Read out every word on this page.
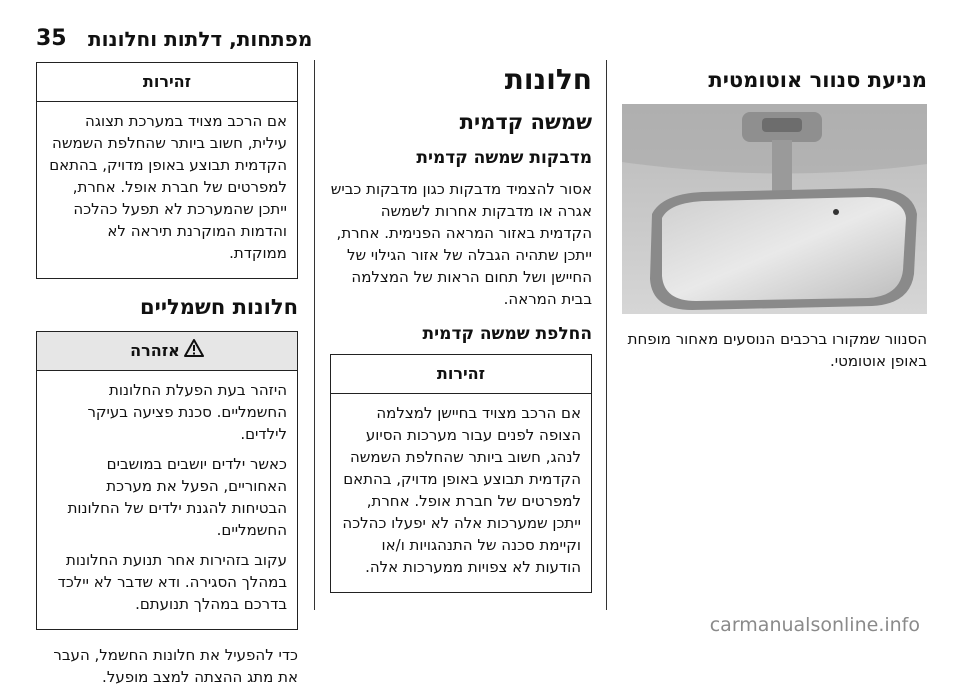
35 מפתחות, דלתות וחלונות
מניעת סנוור אוטומטית

הסנוור שמקורו ברכבים הנוסעים מאחור מופחת באופן אוטומטי.

חלונות
שמשה קדמית
מדבקות שמשה קדמית

אסור להצמיד מדבקות כגון מדבקות כביש אגרה או מדבקות אחרות לשמשה הקדמית באזור המראה הפנימית. אחרת, ייתכן שתהיה הגבלה של אזור הגילוי של החיישן ושל תחום הראות של המצלמה בבית המראה.

החלפת שמשה קדמית
זהירות

אם הרכב מצויד בחיישן למצלמה הצופה לפנים עבור מערכות הסיוע לנהג, חשוב ביותר שהחלפת השמשה הקדמית תבוצע באופן מדויק, בהתאם למפרטים של חברת אופל. אחרת, ייתכן שמערכות אלה לא יפעלו כהלכה וקיימת סכנה של התנהגויות ו/או הודעות לא צפויות ממערכות אלה.

זהירות

אם הרכב מצויד במערכת תצוגה עילית, חשוב ביותר שהחלפת השמשה הקדמית תבוצע באופן מדויק, בהתאם למפרטים של חברת אופל. אחרת, ייתכן שהמערכת לא תפעל כהלכה והדמות המוקרנת תיראה לא ממוקדת.

חלונות חשמליים
אזהרה

היזהר בעת הפעלת החלונות החשמליים. סכנת פציעה בעיקר לילדים.

כאשר ילדים יושבים במושבים האחוריים, הפעל את מערכת הבטיחות להגנת ילדים של החלונות החשמליים.

עקוב בזהירות אחר תנועת החלונות במהלך הסגירה. ודא שדבר לא יילכד בדרכם במהלך תנועתם.

כדי להפעיל את חלונות החשמל, העבר את מתג ההצתה למצב מופעל.

carmanualsonline.info
